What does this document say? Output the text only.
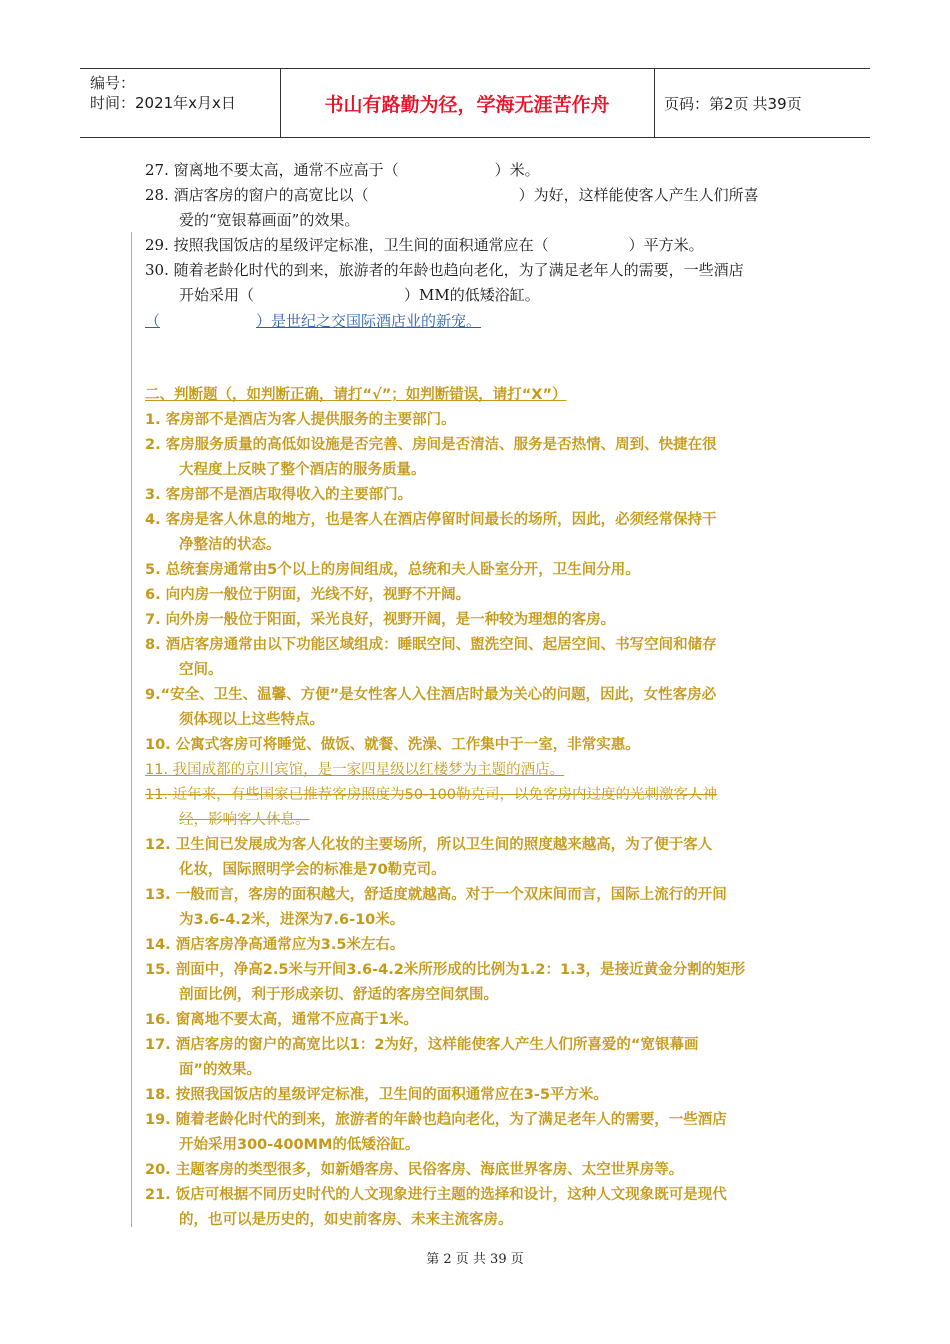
编号：
时间：2021年x月x日	书山有路勤为径，学海无涯苦作舟	页码：第2页 共39页
27. 窗离地不要太高，通常不应高于（	）米。
28. 酒店客房的窗户的高宽比以（	）为好，这样能使客人产生人们所喜
爱的“宽银幕画面”的效果。
29. 按照我国饭店的星级评定标准，卫生间的面积通常应在（	）平方米。
30. 随着老龄化时代的到来，旅游者的年龄也趋向老化，为了满足老年人的需要，一些酒店
开始采用（	）MM的低矮浴缸。
（	）是世纪之交国际酒店业的新宠。
二、判断题（，如判断正确，请打“√”；如判断错误，请打“X”）
1. 客房部不是酒店为客人提供服务的主要部门。
2. 客房服务质量的高低如设施是否完善、房间是否清洁、服务是否热情、周到、快捷在很
大程度上反映了整个酒店的服务质量。
3. 客房部不是酒店取得收入的主要部门。
4. 客房是客人休息的地方，也是客人在酒店停留时间最长的场所，因此，必须经常保持干
净整洁的状态。
5. 总统套房通常由5个以上的房间组成，总统和夫人卧室分开，卫生间分用。
6. 向内房一般位于阴面，光线不好，视野不开阔。
7. 向外房一般位于阳面，采光良好，视野开阔，是一种较为理想的客房。
8. 酒店客房通常由以下功能区域组成：睡眠空间、盥洗空间、起居空间、书写空间和储存
空间。
9.“安全、卫生、温馨、方便”是女性客人入住酒店时最为关心的问题，因此，女性客房必
须体现以上这些特点。
10. 公寓式客房可将睡觉、做饭、就餐、洗澡、工作集中于一室，非常实惠。
11. 我国成都的京川宾馆，是一家四星级以红楼梦为主题的酒店。
11. 近年来，有些国家已推荐客房照度为50-100勒克司，以免客房内过度的光刺激客人神
经，影响客人休息。
12. 卫生间已发展成为客人化妆的主要场所，所以卫生间的照度越来越高，为了便于客人
化妆，国际照明学会的标准是70勒克司。
13. 一般而言，客房的面积越大，舒适度就越高。对于一个双床间而言，国际上流行的开间
为3.6-4.2米，进深为7.6-10米。
14. 酒店客房净高通常应为3.5米左右。
15. 剖面中，净高2.5米与开间3.6-4.2米所形成的比例为1.2：1.3，是接近黄金分割的矩形
剖面比例，利于形成亲切、舒适的客房空间氛围。
16. 窗离地不要太高，通常不应高于1米。
17. 酒店客房的窗户的高宽比以1：2为好，这样能使客人产生人们所喜爱的“宽银幕画
面”的效果。
18. 按照我国饭店的星级评定标准，卫生间的面积通常应在3-5平方米。
19. 随着老龄化时代的到来，旅游者的年龄也趋向老化，为了满足老年人的需要，一些酒店
开始采用300-400MM的低矮浴缸。
20. 主题客房的类型很多，如新婚客房、民俗客房、海底世界客房、太空世界房等。
21. 饭店可根据不同历史时代的人文现象进行主题的选择和设计，这种人文现象既可是现代
的，也可以是历史的，如史前客房、未来主流客房。
第 2 页 共 39 页
